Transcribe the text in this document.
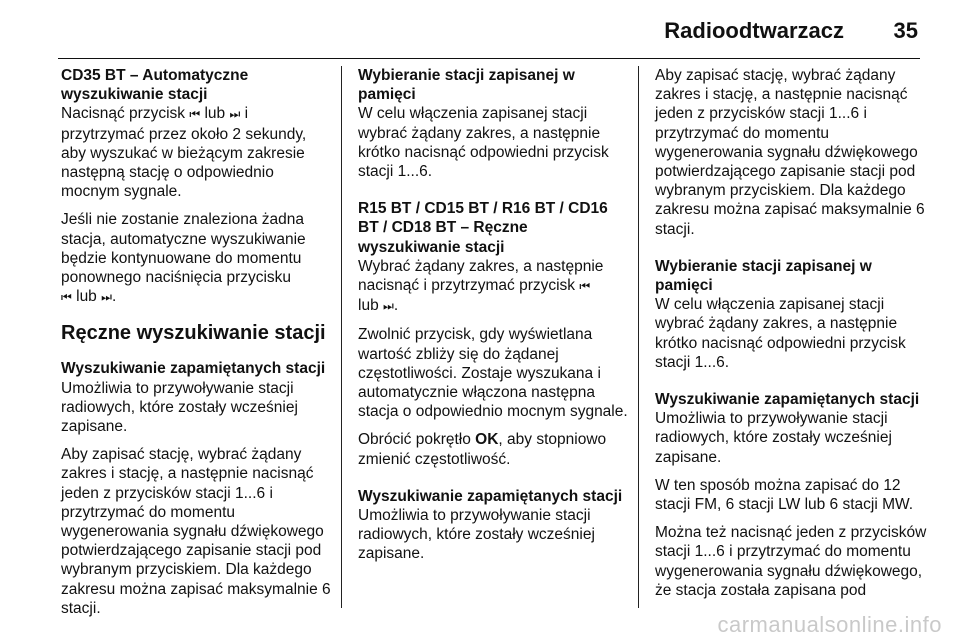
Radioodtwarzacz 35
CD35 BT – Automatyczne wyszukiwanie stacji
Nacisnąć przycisk ⏮ lub ⏭ i przytrzymać przez około 2 sekundy, aby wyszukać w bieżącym zakresie następną stację o odpowiednio mocnym sygnale.
Jeśli nie zostanie znaleziona żadna stacja, automatyczne wyszukiwanie będzie kontynuowane do momentu ponownego naciśnięcia przycisku
⏮ lub ⏭.
Ręczne wyszukiwanie stacji
Wyszukiwanie zapamiętanych stacji
Umożliwia to przywoływanie stacji radiowych, które zostały wcześniej zapisane.
Aby zapisać stację, wybrać żądany zakres i stację, a następnie nacisnąć jeden z przycisków stacji 1...6 i przytrzymać do momentu wygenerowania sygnału dźwiękowego potwierdzającego zapisanie stacji pod wybranym przyciskiem. Dla każdego zakresu można zapisać maksymalnie 6 stacji.
Wybieranie stacji zapisanej w pamięci
W celu włączenia zapisanej stacji wybrać żądany zakres, a następnie krótko nacisnąć odpowiedni przycisk stacji 1...6.
R15 BT / CD15 BT / R16 BT / CD16 BT / CD18 BT – Ręczne wyszukiwanie stacji
Wybrać żądany zakres, a następnie nacisnąć i przytrzymać przycisk ⏮
lub ⏭.
Zwolnić przycisk, gdy wyświetlana wartość zbliży się do żądanej częstotliwości. Zostaje wyszukana i automatycznie włączona następna stacja o odpowiednio mocnym sygnale.
Obrócić pokrętło OK, aby stopniowo zmienić częstotliwość.
Wyszukiwanie zapamiętanych stacji
Umożliwia to przywoływanie stacji radiowych, które zostały wcześniej zapisane.
Aby zapisać stację, wybrać żądany zakres i stację, a następnie nacisnąć jeden z przycisków stacji 1...6 i przytrzymać do momentu wygenerowania sygnału dźwiękowego potwierdzającego zapisanie stacji pod wybranym przyciskiem. Dla każdego zakresu można zapisać maksymalnie 6 stacji.
Wybieranie stacji zapisanej w pamięci
W celu włączenia zapisanej stacji wybrać żądany zakres, a następnie krótko nacisnąć odpowiedni przycisk stacji 1...6.
Wyszukiwanie zapamiętanych stacji
Umożliwia to przywoływanie stacji radiowych, które zostały wcześniej zapisane.
W ten sposób można zapisać do 12 stacji FM, 6 stacji LW lub 6 stacji MW.
Można też nacisnąć jeden z przycisków stacji 1...6 i przytrzymać do momentu wygenerowania sygnału dźwiękowego, że stacja została zapisana pod
carmanualsonline.info
